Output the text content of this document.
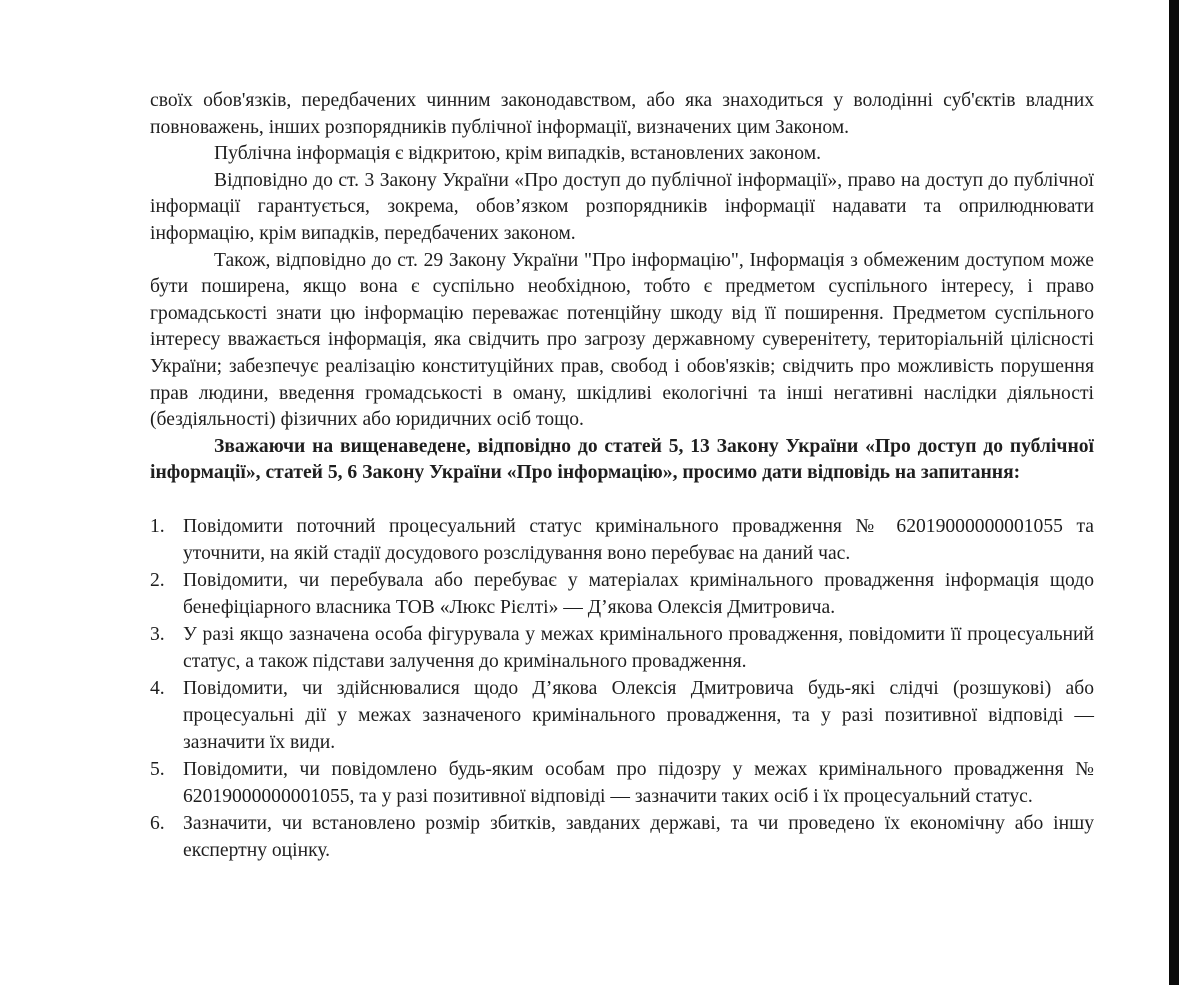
своїх обов'язків, передбачених чинним законодавством, або яка знаходиться у володінні суб'єктів владних повноважень, інших розпорядників публічної інформації, визначених цим Законом.

Публічна інформація є відкритою, крім випадків, встановлених законом.

Відповідно до ст. 3 Закону України «Про доступ до публічної інформації», право на доступ до публічної інформації гарантується, зокрема, обов’язком розпорядників інформації надавати та оприлюднювати інформацію, крім випадків, передбачених законом.

Також, відповідно до ст. 29 Закону України "Про інформацію", Інформація з обмеженим доступом може бути поширена, якщо вона є суспільно необхідною, тобто є предметом суспільного інтересу, і право громадськості знати цю інформацію переважає потенційну шкоду від її поширення. Предметом суспільного інтересу вважається інформація, яка свідчить про загрозу державному суверенітету, територіальній цілісності України; забезпечує реалізацію конституційних прав, свобод і обов'язків; свідчить про можливість порушення прав людини, введення громадськості в оману, шкідливі екологічні та інші негативні наслідки діяльності (бездіяльності) фізичних або юридичних осіб тощо.

Зважаючи на вищенаведене, відповідно до статей 5, 13 Закону України «Про доступ до публічної інформації», статей 5, 6 Закону України «Про інформацію», просимо дати відповідь на запитання:

1. Повідомити поточний процесуальний статус кримінального провадження № 62019000000001055 та уточнити, на якій стадії досудового розслідування воно перебуває на даний час.
2. Повідомити, чи перебувала або перебуває у матеріалах кримінального провадження інформація щодо бенефіціарного власника ТОВ «Люкс Рієлті» — Д’якова Олексія Дмитровича.
3. У разі якщо зазначена особа фігурувала у межах кримінального провадження, повідомити її процесуальний статус, а також підстави залучення до кримінального провадження.
4. Повідомити, чи здійснювалися щодо Д’якова Олексія Дмитровича будь-які слідчі (розшукові) або процесуальні дії у межах зазначеного кримінального провадження, та у разі позитивної відповіді — зазначити їх види.
5. Повідомити, чи повідомлено будь-яким особам про підозру у межах кримінального провадження № 62019000000001055, та у разі позитивної відповіді — зазначити таких осіб і їх процесуальний статус.
6. Зазначити, чи встановлено розмір збитків, завданих державі, та чи проведено їх економічну або іншу експертну оцінку.
